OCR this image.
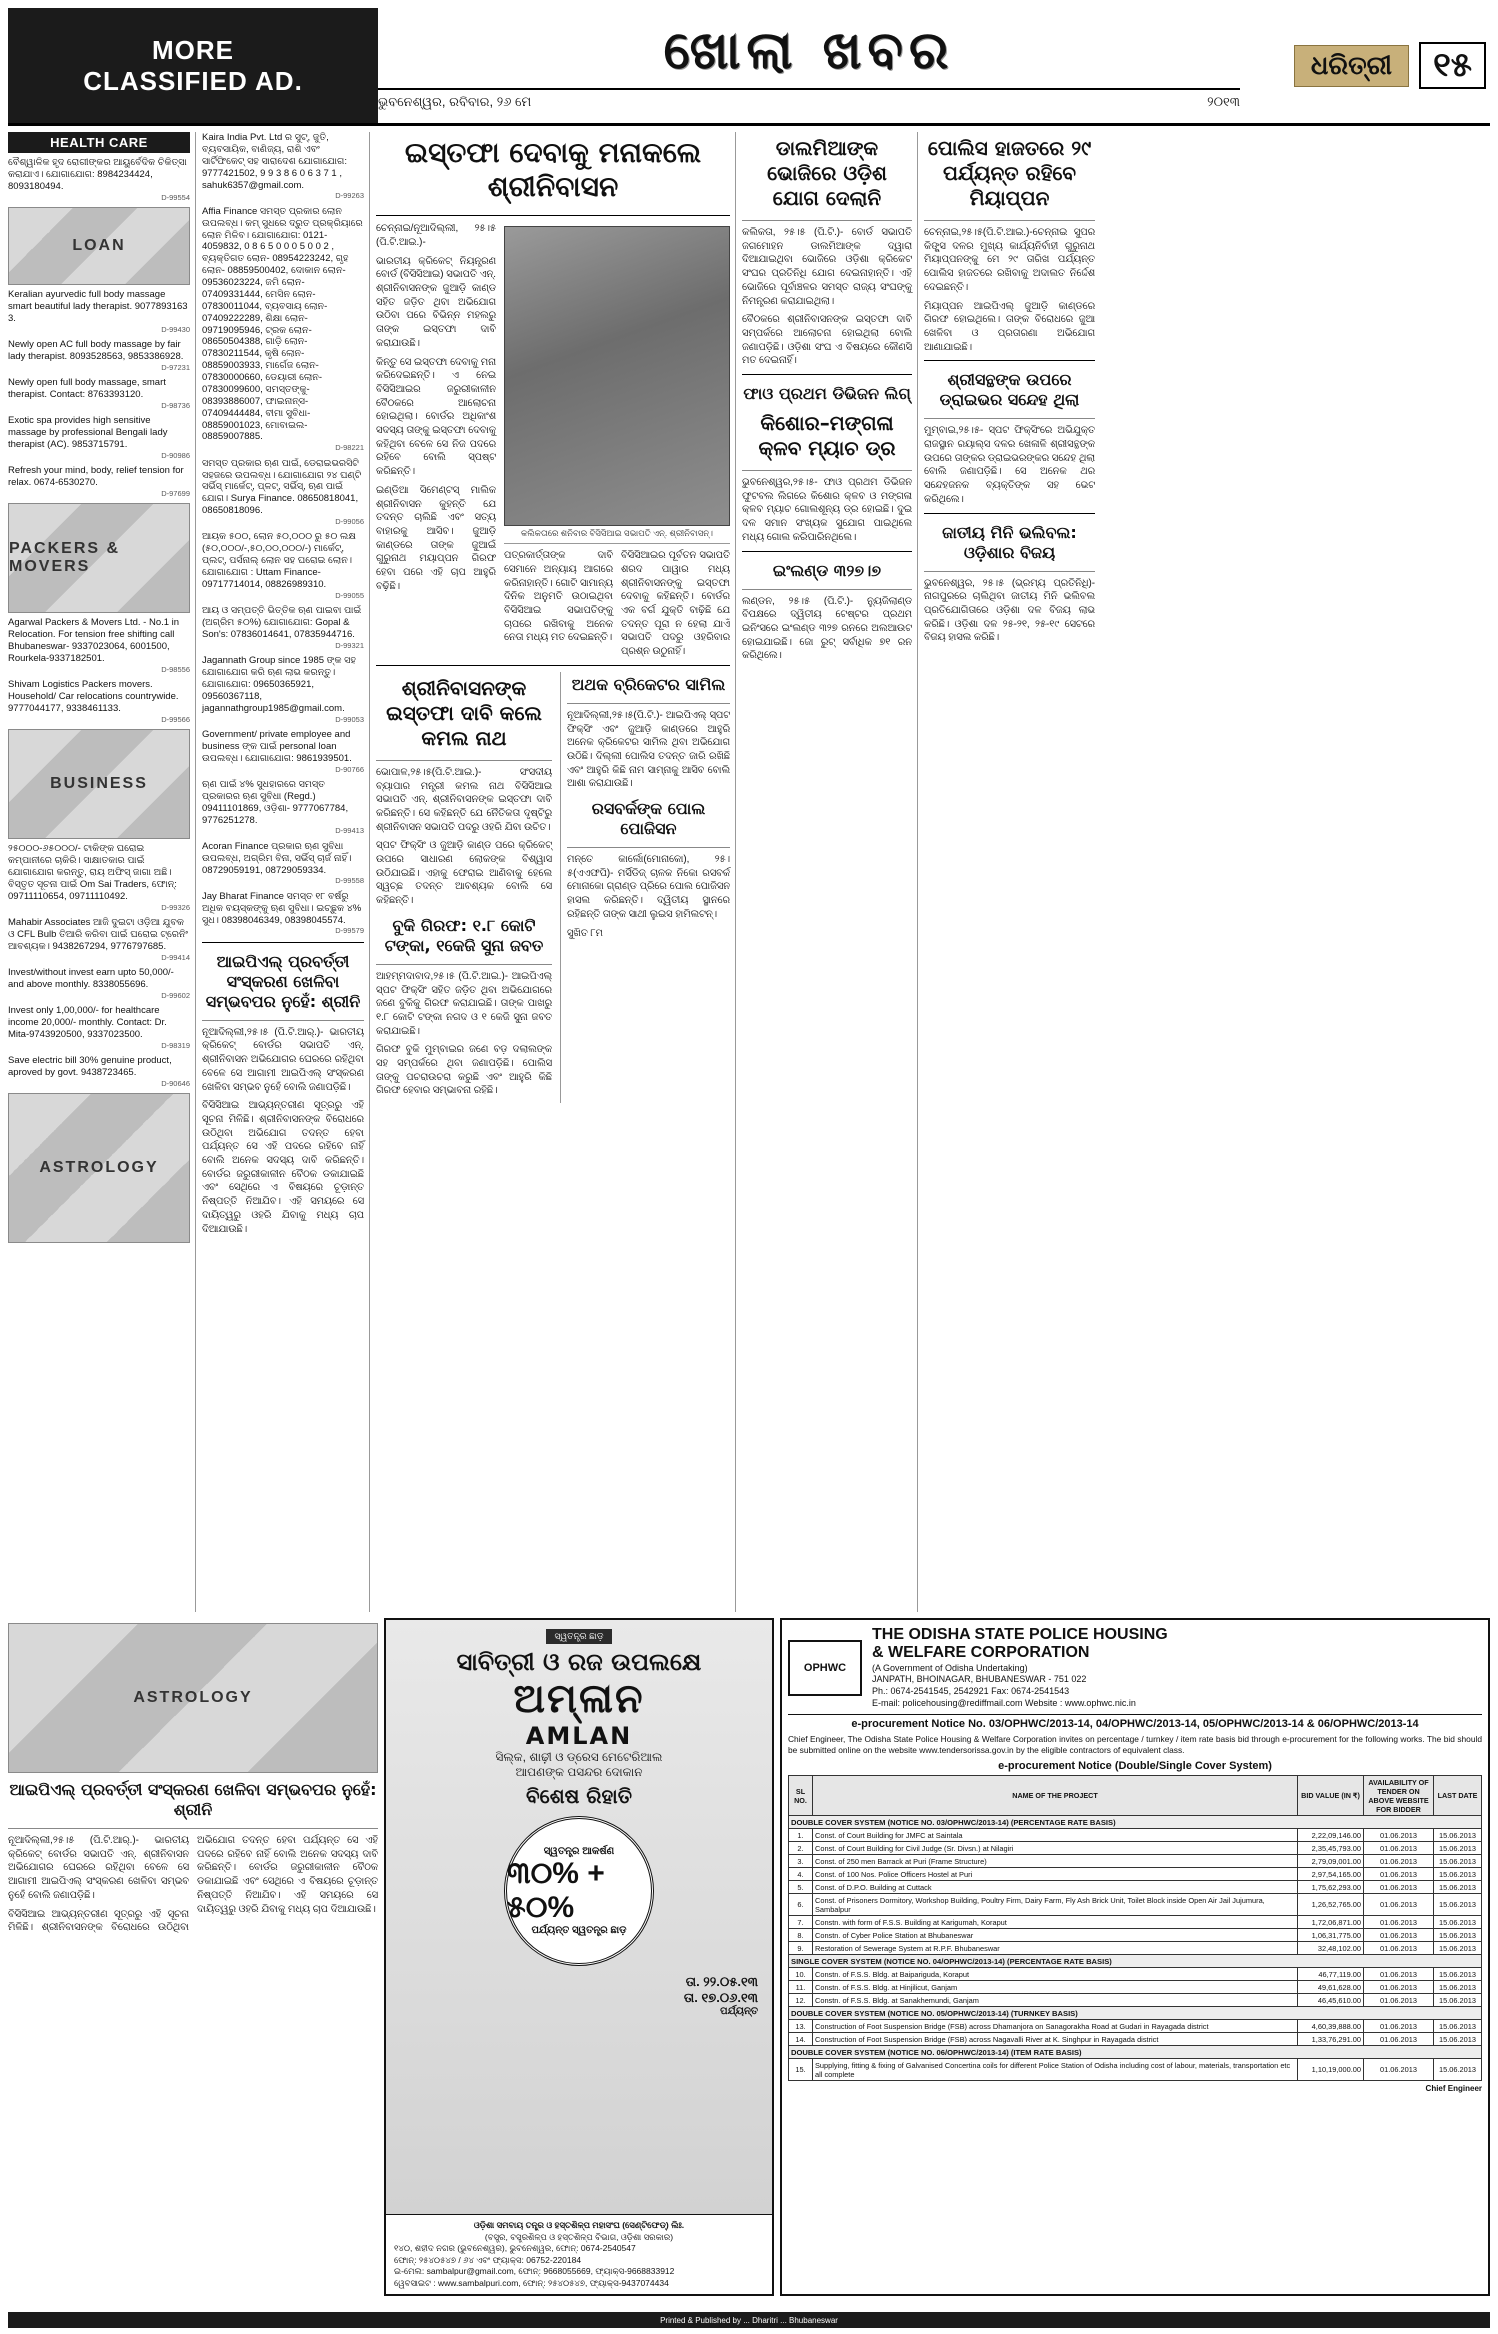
MORE
CLASSIFIED AD.	ଖୋଲା ଖବର
ଭୁବନେଶ୍ୱର, ରବିବାର, ୨୬ ମେ	୨୦୧୩
ଧରିତ୍ରୀ	୧୫
HEALTH CARE
ବୈଶ୍ୱାଳିକ ହୃଦ ରୋଗୀଙ୍କର ଆୟୁର୍ବେଦିକ ଚିକିତ୍ସା କରାଯାଏ। ଯୋଗାଯୋଗ: 8984234424, 8093180494.
D-99554
LOAN
Keralian ayurvedic full body massage smart beautiful lady therapist. 9077893163 3.
D-99430
Newly open AC full body massage by fair lady therapist. 8093528563, 9853386928.
D-97231
Newly open full body massage, smart therapist. Contact: 8763393120.
D-98736
Exotic spa provides high sensitive massage by professional Bengali lady therapist (AC). 9853715791.
D-90986
Refresh your mind, body, relief tension for relax. 0674-6530270.
D-97699
PACKERS & MOVERS
Agarwal Packers & Movers Ltd. - No.1 in Relocation. For tension free shifting call Bhubaneswar- 9337023064, 6001500, Rourkela-9337182501.
D-98556
Shivam Logistics Packers movers. Household/ Car relocations countrywide. 9777044177, 9338461133.
D-99566
BUSINESS
୨୫୦୦୦-୬୫୦୦୦/- ଟାକିଙ୍କ ଘରୋଇ କମ୍ପାନୀରେ ଚାକିରି। ସାକ୍ଷାତକାର ପାଇଁ ଯୋଗାଯୋଗ କରନ୍ତୁ, ରାୟ ଅଫିସ୍ ଜାଗା ଅଛି। ବିସ୍ତୃତ ସୂଚନା ପାଇଁ Om Sai Traders, ଫୋନ୍: 09711110654, 09711110492.
D-99326
Mahabir Associates ଆଜି ଦୁଇଟା ଓଡ଼ିଆ ଯୁବକ ଓ CFL Bulb ତିଆରି କରିବା ପାଇଁ ଘରୋଇ ଟ୍ରେନିଂ ଆବଶ୍ୟକ। 9438267294, 9776797685.
D-99414
Invest/without invest earn upto 50,000/- and above monthly. 8338055696.
D-99602
Invest only 1,00,000/- for healthcare income 20,000/- monthly. Contact: Dr. Mita-9743920500, 9337023500.
D-98319
Save electric bill 30% genuine product, aproved by govt. 9438723465.
D-90646
ASTROLOGY
Kaira India Pvt. Ltd ର ସୁଟ୍, ଜୁତି, ବ୍ୟବସାୟିକ, ବାଣିଜ୍ୟ, ରାଶି ଏବଂ ସାର୍ଟିଫିକେଟ୍ ସହ ସାରାଦେଶ ଯୋଗାଯୋଗ: 9777421502, 9 9 3 8 6 0 6 3 7 1 , sahuk6357@gmail.com.
D-99263
Affia Finance ସମସ୍ତ ପ୍ରକାର ଲୋନ ଉପଲବ୍ଧ। କମ୍ ସୁଧରେ ଦ୍ରୁତ ପ୍ରକ୍ରିୟାରେ ଲୋନ ମିଳିବ। ଯୋଗାଯୋଗ: 0121-4059832, 0 8 6 5 0 0 0 5 0 0 2 , ବ୍ୟକ୍ତିଗତ ଲୋନ- 08954223242, ଗୃହ ଲୋନ- 08859500402, ଦୋକାନ ଲୋନ- 09536023224, ଜମି ଲୋନ- 07409331444, ମେସିନ ଲୋନ- 07830011044, ବ୍ୟବସାୟ ଲୋନ- 07409222289, ଶିକ୍ଷା ଲୋନ- 09719095946, ଟ୍ରକ ଲୋନ- 08650504388, ଗାଡ଼ି ଲୋନ- 07830211544, କୃଷି ଲୋନ- 08859003933, ମାର୍ଗେଜ ଲୋନ- 07830000660, ଡେୟାରୀ ଲୋନ- 07830099600, ସମସ୍ତଙ୍କୁ- 08393886007, ଫାଇନାନ୍ସ- 07409444484, ବୀମା ସୁବିଧା- 08859001023, ମୋବାଇଲ- 08859007885.
D-98221
ସମସ୍ତ ପ୍ରକାର ଋଣ ପାଇଁ, ଡେରାଇଭରସିଟି ସହଜରେ ଉପଲବ୍ଧ। ଯୋଗାଯୋଗ ୨୪ ଘଣ୍ଟି ସର୍ଭିସ୍ ମାର୍କେଟ୍, ପ୍ଳଟ୍, ସର୍ଭିସ୍, ଋଣ ପାଇଁ ଯୋଗ। Surya Finance. 08650818041, 08650818096.
D-99056
ଆୟକ ୫୦୦, ଲୋନ ୫୦,୦୦୦ ରୁ ୫୦ ଲକ୍ଷ (୫୦,୦୦୦/-,୫୦,୦୦,୦୦୦/-) ମାର୍କେଟ୍, ପ୍ଲଟ୍, ପର୍ସନାଲ୍ ଲୋନ ସହ ଘରୋଇ ଲୋନ। ଯୋଗାଯୋଗ : Uttam Finance- 09717714014, 08826989310.
D-99055
ଆୟ ଓ ସମ୍ପତ୍ତି ଭିତ୍ତିକ ଋଣ ପାଇବା ପାଇଁ (ଅଗ୍ରିମ ୫୦%) ଯୋଗାଯୋଗ: Gopal & Son's: 07836014641, 07835944716.
D-99321
Jagannath Group since 1985 ଙ୍କ ସହ ଯୋଗାଯୋଗ କରି ଋଣ ଲାଭ କରନ୍ତୁ। ଯୋଗାଯୋଗ: 09650365921, 09560367118, jagannathgroup1985@gmail.com.
D-99053
Government/ private employee and business ଙ୍କ ପାଇଁ personal loan ଉପଲବ୍ଧ। ଯୋଗାଯୋଗ: 9861939501.
D-90766
ଋଣ ପାଇଁ ୪% ସୁଧହାରରେ ସମସ୍ତ ପ୍ରକାରର ଋଣ ସୁବିଧା (Regd.) 09411101869, ଓଡ଼ିଶା- 9777067784, 9776251278.
D-99413
Acoran Finance ପ୍ରକାର ଋଣ ସୁବିଧା ଉପଲବ୍ଧ, ଅଗ୍ରିମ ବିନା, ସର୍ଭିସ୍ ଚାର୍ଜ ନାହିଁ। 08729059191, 08729059334.
D-99558
Jay Bharat Finance ସମସ୍ତ ୧୮ ବର୍ଷରୁ ଅଧିକ ବୟସ୍କଙ୍କୁ ଋଣ ସୁବିଧା। ଇଚ୍ଛୁକ ୪% ସୁଧ। 08398046349, 08398045574.
D-99579
ଆଇପିଏଲ୍ ପ୍ରବର୍ତ୍ତୀ ସଂସ୍କରଣ ଖେଳିବା ସମ୍ଭବପର ନୁହେଁ: ଶ୍ରୀନି

ନୂଆଦିଲ୍ଲୀ,୨୫।୫ (ପି.ଟି.ଆର୍.)- ଭାରତୀୟ କ୍ରିକେଟ୍ ବୋର୍ଡର ସଭାପତି ଏନ୍. ଶ୍ରୀନିବାସନ ଅଭିଯୋଗର ଘେରରେ ରହିଥିବା ବେଳେ ସେ ଆଗାମୀ ଆଇପିଏଲ୍ ସଂସ୍କରଣ ଖେଳିବା ସମ୍ଭବ ନୁହେଁ ବୋଲି ଜଣାପଡ଼ିଛି।

ବିସିସିଆଇ ଆଭ୍ୟନ୍ତରୀଣ ସୂତ୍ରରୁ ଏହି ସୂଚନା ମିଳିଛି। ଶ୍ରୀନିବାସନଙ୍କ ବିରୋଧରେ ଉଠିଥିବା ଅଭିଯୋଗ ତଦନ୍ତ ହେବା ପର୍ଯ୍ୟନ୍ତ ସେ ଏହି ପଦରେ ରହିବେ ନାହିଁ ବୋଲି ଅନେକ ସଦସ୍ୟ ଦାବି କରିଛନ୍ତି। ବୋର୍ଡର ଜରୁରୀକାଳୀନ ବୈଠକ ଡକାଯାଇଛି ଏବଂ ସେଥିରେ ଏ ବିଷୟରେ ଚୂଡ଼ାନ୍ତ ନିଷ୍ପତ୍ତି ନିଆଯିବ। ଏହି ସମୟରେ ସେ ଦାୟିତ୍ୱରୁ ଓହରି ଯିବାକୁ ମଧ୍ୟ ଚାପ ଦିଆଯାଉଛି।

ଇସ୍ତଫା ଦେବାକୁ ମନାକଲେ ଶ୍ରୀନିବାସନ

ଚେନ୍ନାଇ/ନୂଆଦିଲ୍ଲୀ, ୨୫।୫ (ପି.ଟି.ଆଇ.)-

ଭାରତୀୟ କ୍ରିକେଟ୍ ନିୟନ୍ତ୍ରଣ ବୋର୍ଡ (ବିସିସିଆଇ) ସଭାପତି ଏନ୍. ଶ୍ରୀନିବାସନଙ୍କ ଜୁଆଡ଼ି କାଣ୍ଡ ସହିତ ଜଡ଼ିତ ଥିବା ଅଭିଯୋଗ ଉଠିବା ପରେ ବିଭିନ୍ନ ମହଲରୁ ତାଙ୍କ ଇସ୍ତଫା ଦାବି କରାଯାଉଛି।

କିନ୍ତୁ ସେ ଇସ୍ତଫା ଦେବାକୁ ମନା କରିଦେଇଛନ୍ତି। ଏ ନେଇ ବିସିସିଆଇର ଜରୁରୀକାଳୀନ ବୈଠକରେ ଆଲୋଚନା ହୋଇଥିଲା। ବୋର୍ଡର ଅଧିକାଂଶ ସଦସ୍ୟ ତାଙ୍କୁ ଇସ୍ତଫା ଦେବାକୁ କହିଥିବା ବେଳେ ସେ ନିଜ ପଦରେ ରହିବେ ବୋଲି ସ୍ପଷ୍ଟ କରିଛନ୍ତି।

ଇଣ୍ଡିଆ ସିମେଣ୍ଟସ୍ ମାଲିକ ଶ୍ରୀନିବାସନ କୁହନ୍ତି ଯେ ତଦନ୍ତ ଚାଲିଛି ଏବଂ ସତ୍ୟ ବାହାରକୁ ଆସିବ। ଜୁଆଡ଼ି କାଣ୍ଡରେ ତାଙ୍କ ଜୁଆଇଁ ଗୁରୁନାଥ ମୟାପ୍ପନ ଗିରଫ ହେବା ପରେ ଏହି ଚାପ ଆହୁରି ବଢ଼ିଛି।

କଲିକତାରେ ଶନିବାର ବିସିସିଆଇ ସଭାପତି ଏନ୍. ଶ୍ରୀନିବାସନ୍।

ପତ୍ରକାର୍ତ୍ତାଙ୍କ ଦାବି ସେମାନେ ଅନ୍ୟାୟ ଆଗରେ କରିନାହାନ୍ତି। ଗୋଟି ସାମାନ୍ୟ ଦିନିକ ଅନୁମତି ଉଠାଇଥିବା ବିସିସିଆଇ ସଭାପତିଙ୍କୁ ଚାପରେ ରଖିବାକୁ ଅନେକ ନେତା ମଧ୍ୟ ମତ ଦେଇଛନ୍ତି।

ବିସିସିଆଇର ପୂର୍ବତନ ସଭାପତି ଶରଦ ପାୱାର ମଧ୍ୟ ଶ୍ରୀନିବାସନଙ୍କୁ ଇସ୍ତଫା ଦେବାକୁ କହିଛନ୍ତି। ବୋର୍ଡର ଏକ ବର୍ଗ ଯୁକ୍ତି ବାଢ଼ିଛି ଯେ ତଦନ୍ତ ପୂରା ନ ହେଲା ଯାଏଁ ସଭାପତି ପଦରୁ ଓହରିବାର ପ୍ରଶ୍ନ ଉଠୁନାହିଁ।

ଶ୍ରୀନିବାସନଙ୍କ ଇସ୍ତଫା ଦାବି କଲେ କମଲ ନାଥ

ଭୋପାଳ,୨୫।୫(ପି.ଟି.ଆଇ.)- ସଂସଦୀୟ ବ୍ୟାପାର ମନ୍ତ୍ରୀ କମଲ ନାଥ ବିସିସିଆଇ ସଭାପତି ଏନ୍. ଶ୍ରୀନିବାସନଙ୍କ ଇସ୍ତଫା ଦାବି କରିଛନ୍ତି। ସେ କହିଛନ୍ତି ଯେ ନୈତିକତା ଦୃଷ୍ଟିରୁ ଶ୍ରୀନିବାସନ ସଭାପତି ପଦରୁ ଓହରି ଯିବା ଉଚିତ।

ସ୍ପଟ ଫିକ୍ସିଂ ଓ ଜୁଆଡ଼ି କାଣ୍ଡ ପରେ କ୍ରିକେଟ୍ ଉପରେ ସାଧାରଣ ଲୋକଙ୍କ ବିଶ୍ୱାସ ଉଠିଯାଇଛି। ଏହାକୁ ଫେରାଇ ଆଣିବାକୁ ହେଲେ ସ୍ୱଚ୍ଛ ତଦନ୍ତ ଆବଶ୍ୟକ ବୋଲି ସେ କହିଛନ୍ତି।

ବୁକି ଗିରଫ: ୧.୮ କୋଟି ଟଙ୍କା, ୧କେଜି ସୁନା ଜବତ

ଆହମ୍ମଦାବାଦ,୨୫।୫ (ପି.ଟି.ଆଇ.)- ଆଇପିଏଲ୍ ସ୍ପଟ ଫିକ୍ସିଂ ସହିତ ଜଡ଼ିତ ଥିବା ଅଭିଯୋଗରେ ଜଣେ ବୁକିକୁ ଗିରଫ କରାଯାଇଛି। ତାଙ୍କ ପାଖରୁ ୧.୮ କୋଟି ଟଙ୍କା ନଗଦ ଓ ୧ କେଜି ସୁନା ଜବତ କରାଯାଇଛି।

ଗିରଫ ବୁକି ମୁମ୍ବାଇର ଜଣେ ବଡ଼ ଦଲାଲଙ୍କ ସହ ସମ୍ପର୍କରେ ଥିବା ଜଣାପଡ଼ିଛି। ପୋଲିସ ତାଙ୍କୁ ପଚରାଉଚରା କରୁଛି ଏବଂ ଆହୁରି କିଛି ଗିରଫ ହେବାର ସମ୍ଭାବନା ରହିଛି।

ଅଥକ ବ୍ରିକେଟର ସାମିଲ

ନୂଆଦିଲ୍ଲୀ,୨୫।୫(ପି.ଟି.)- ଆଇପିଏଲ୍ ସ୍ପଟ ଫିକ୍ସିଂ ଏବଂ ଜୁଆଡ଼ି କାଣ୍ଡରେ ଆହୁରି ଅନେକ କ୍ରିକେଟର ସାମିଲ ଥିବା ଅଭିଯୋଗ ଉଠିଛି। ଦିଲ୍ଲୀ ପୋଲିସ ତଦନ୍ତ ଜାରି ରଖିଛି ଏବଂ ଆହୁରି କିଛି ନାମ ସାମ୍ନାକୁ ଆସିବ ବୋଲି ଆଶା କରାଯାଉଛି।

ରସବର୍କଙ୍କ ପୋଲ ପୋଜିସନ

ମନ୍ତେ କାର୍ଲୋ(ମୋନାକୋ), ୨୫।୫(ଏଏଫପି)- ମର୍ସିଡିଜ୍ ଚାଳକ ନିକୋ ରସବର୍କ ମୋନାକୋ ଗ୍ରାଣ୍ଡ ପ୍ରିରେ ପୋଲ ପୋଜିସନ ହାସଲ କରିଛନ୍ତି। ଦ୍ୱିତୀୟ ସ୍ଥାନରେ ରହିଛନ୍ତି ତାଙ୍କ ସାଥୀ ଲୁଇସ ହାମିଲଟନ୍।

ସୁଖିତ ୮ମ

ଡାଲମିଆଙ୍କ ଭୋଜିରେ ଓଡ଼ିଶ ଯୋଗ ଦେଲାନି

କଲିକତା, ୨୫।୫ (ପି.ଟି.)- ବୋର୍ଡ ସଭାପତି ଜଗମୋହନ ଡାଲମିଆଙ୍କ ଦ୍ୱାରା ଦିଆଯାଇଥିବା ଭୋଜିରେ ଓଡ଼ିଶା କ୍ରିକେଟ ସଂଘର ପ୍ରତିନିଧି ଯୋଗ ଦେଇନାହାନ୍ତି। ଏହି ଭୋଜିରେ ପୂର୍ବାଞ୍ଚଳର ସମସ୍ତ ରାଜ୍ୟ ସଂଘଙ୍କୁ ନିମନ୍ତ୍ରଣ କରାଯାଇଥିଲା।

ବୈଠକରେ ଶ୍ରୀନିବାସନଙ୍କ ଇସ୍ତଫା ଦାବି ସମ୍ପର୍କରେ ଆଲୋଚନା ହୋଇଥିଲା ବୋଲି ଜଣାପଡ଼ିଛି। ଓଡ଼ିଶା ସଂଘ ଏ ବିଷୟରେ କୌଣସି ମତ ଦେଇନାହିଁ।

ଫାଓ ପ୍ରଥମ ଡିଭିଜନ ଲିଗ୍
କିଶୋର–ମଙ୍ଗଳା କ୍ଳବ ମ୍ୟାଚ ଡ୍ର

ଭୁବନେଶ୍ୱର,୨୫।୫- ଫାଓ ପ୍ରଥମ ଡିଭିଜନ ଫୁଟବଲ ଲିଗରେ କିଶୋର କ୍ଳବ ଓ ମଙ୍ଗଳା କ୍ଳବ ମ୍ୟାଚ ଗୋଲଶୂନ୍ୟ ଡ୍ର ହୋଇଛି। ଦୁଇ ଦଳ ସମାନ ସଂଖ୍ୟକ ସୁଯୋଗ ପାଇଥିଲେ ମଧ୍ୟ ଗୋଲ କରିପାରିନଥିଲେ।

ଇଂଲଣ୍ଡ ୩୨୭।୭

ଲଣ୍ଡନ, ୨୫।୫ (ପି.ଟି.)- ନ୍ୟୁଜିଲାଣ୍ଡ ବିପକ୍ଷରେ ଦ୍ୱିତୀୟ ଟେଷ୍ଟର ପ୍ରଥମ ଇନିଂସରେ ଇଂଲଣ୍ଡ ୩୨୭ ରନରେ ଅଲଆଉଟ ହୋଇଯାଇଛି। ଜୋ ରୁଟ୍ ସର୍ବାଧିକ ୭୧ ରନ କରିଥିଲେ।

ପୋଲିସ ହାଜତରେ ୨୯ ପର୍ଯ୍ୟନ୍ତ ରହିବେ ମିୟାପ୍ପନ

ଚେନ୍ନାଇ,୨୫।୫(ପି.ଟି.ଆଇ.)-ଚେନ୍ନାଇ ସୁପର କିଙ୍ଗ୍ସ ଦଳର ମୁଖ୍ୟ କାର୍ଯ୍ୟନିର୍ବାହୀ ଗୁରୁନାଥ ମିୟାପ୍ପନଙ୍କୁ ମେ ୨୯ ତାରିଖ ପର୍ଯ୍ୟନ୍ତ ପୋଲିସ ହାଜତରେ ରଖିବାକୁ ଅଦାଲତ ନିର୍ଦ୍ଦେଶ ଦେଇଛନ୍ତି।

ମିୟାପ୍ପନ ଆଇପିଏଲ୍ ଜୁଆଡ଼ି କାଣ୍ଡରେ ଗିରଫ ହୋଇଥିଲେ। ତାଙ୍କ ବିରୋଧରେ ଜୁଆ ଖେଳିବା ଓ ପ୍ରତାରଣା ଅଭିଯୋଗ ଆଣାଯାଇଛି।

ଶ୍ରୀସନ୍ଥଙ୍କ ଉପରେ ଡ୍ରାଇଭର ସନ୍ଦେହ ଥିଲା

ମୁମ୍ବାଇ,୨୫।୫- ସ୍ପଟ ଫିକ୍ସିଂରେ ଅଭିଯୁକ୍ତ ରାଜସ୍ଥାନ ରୟାଲ୍ସ ଦଳର ଖେଳାଳି ଶ୍ରୀସନ୍ଥଙ୍କ ଉପରେ ତାଙ୍କର ଡ୍ରାଇଭରଙ୍କର ସନ୍ଦେହ ଥିଲା ବୋଲି ଜଣାପଡ଼ିଛି। ସେ ଅନେକ ଥର ସନ୍ଦେହଜନକ ବ୍ୟକ୍ତିଙ୍କ ସହ ଭେଟ କରିଥିଲେ।

ଜାତୀୟ ମିନି ଭଲିବଲ: ଓଡ଼ିଶାର ବିଜୟ

ଭୁବନେଶ୍ୱର, ୨୫।୫ (ଭ୍ରମ୍ୟ ପ୍ରତିନିଧି)-ନାଗପୁରରେ ଚାଲିଥିବା ଜାତୀୟ ମିନି ଭଲିବଲ ପ୍ରତିଯୋଗିତାରେ ଓଡ଼ିଶା ଦଳ ବିଜୟ ଲାଭ କରିଛି। ଓଡ଼ିଶା ଦଳ ୨୫-୨୧, ୨୫-୧୯ ସେଟରେ ବିଜୟ ହାସଲ କରିଛି।

ASTROLOGY
ଆଇପିଏଲ୍ ପ୍ରବର୍ତ୍ତୀ ସଂସ୍କରଣ ଖେଳିବା ସମ୍ଭବପର ନୁହେଁ: ଶ୍ରୀନି

ନୂଆଦିଲ୍ଲୀ,୨୫।୫ (ପି.ଟି.ଆର୍.)- ଭାରତୀୟ କ୍ରିକେଟ୍ ବୋର୍ଡର ସଭାପତି ଏନ୍. ଶ୍ରୀନିବାସନ ଅଭିଯୋଗର ଘେରରେ ରହିଥିବା ବେଳେ ସେ ଆଗାମୀ ଆଇପିଏଲ୍ ସଂସ୍କରଣ ଖେଳିବା ସମ୍ଭବ ନୁହେଁ ବୋଲି ଜଣାପଡ଼ିଛି।

ବିସିସିଆଇ ଆଭ୍ୟନ୍ତରୀଣ ସୂତ୍ରରୁ ଏହି ସୂଚନା ମିଳିଛି। ଶ୍ରୀନିବାସନଙ୍କ ବିରୋଧରେ ଉଠିଥିବା ଅଭିଯୋଗ ତଦନ୍ତ ହେବା ପର୍ଯ୍ୟନ୍ତ ସେ ଏହି ପଦରେ ରହିବେ ନାହିଁ ବୋଲି ଅନେକ ସଦସ୍ୟ ଦାବି କରିଛନ୍ତି। ବୋର୍ଡର ଜରୁରୀକାଳୀନ ବୈଠକ ଡକାଯାଇଛି ଏବଂ ସେଥିରେ ଏ ବିଷୟରେ ଚୂଡ଼ାନ୍ତ ନିଷ୍ପତ୍ତି ନିଆଯିବ। ଏହି ସମୟରେ ସେ ଦାୟିତ୍ୱରୁ ଓହରି ଯିବାକୁ ମଧ୍ୟ ଚାପ ଦିଆଯାଉଛି।

ସ୍ୱତନ୍ତ୍ର ଛାଡ଼
ସାବିତ୍ରୀ ଓ ରଜ ଉପଲକ୍ଷେ
ଅମ୍ଳାନ
AMLAN
ସିଲ୍କ, ଶାଢ଼ୀ ଓ ଡ୍ରେସ ମେଟେରିଆଲ
ଆପଣଙ୍କ ପସନ୍ଦର ଦୋକାନ
ବିଶେଷ ରିହାତି
ସ୍ୱତନ୍ତ୍ର ଆକର୍ଷଣ
୩୦% + ୫୦%
ପର୍ଯ୍ୟନ୍ତ ସ୍ୱତନ୍ତ୍ର ଛାଡ଼
ତା. ୨୨.୦୫.୧୩
ତା. ୧୭.୦୬.୧୩
ପର୍ଯ୍ୟନ୍ତ
ଓଡ଼ିଶା ସମବାୟ ତନ୍ତ୍ର ଓ ହସ୍ତଶିଳ୍ପ ମହାସଂଘ (ସେଣ୍ଟିଫେଡ୍) ଲିଃ.
(ବସ୍ତ୍ର, ବସ୍ତ୍ରଶିଳ୍ପ ଓ ହସ୍ତଶିଳ୍ପ ବିଭାଗ, ଓଡ଼ିଶା ସରକାର)
୧୪୦, ଶହୀଦ ନଗର (ଭୁବନେଶ୍ୱର), ଭୁବନେଶ୍ୱର, ଫୋନ୍: 0674-2540547
ଫୋନ୍: ୨୫୪୦୫୪୭ / ୬୪ ଏବଂ ଫ୍ୟାକ୍ସ: 06752-220184
ଇ-ମେଲ: sambalpur@gmail.com, ଫୋନ୍: 9668055669, ଫ୍ୟାକ୍ସ-9668833912
ୱେବସାଇଟ : www.sambalpuri.com, ଫୋନ୍: ୨୫୪୦୫୪୭, ଫ୍ୟାକ୍ସ-9437074434
OPHWC
THE ODISHA STATE POLICE HOUSING
& WELFARE CORPORATION
(A Government of Odisha Undertaking)
JANPATH, BHOINAGAR, BHUBANESWAR - 751 022
Ph.: 0674-2541545, 2542921 Fax: 0674-2541543
E-mail: policehousing@rediffmail.com Website : www.ophwc.nic.in
e-procurement Notice No. 03/OPHWC/2013-14, 04/OPHWC/2013-14, 05/OPHWC/2013-14 & 06/OPHWC/2013-14
Chief Engineer, The Odisha State Police Housing & Welfare Corporation invites on percentage / turnkey / item rate basis bid through e-procurement for the following works. The bid should be submitted online on the website www.tendersorissa.gov.in by the eligible contractors of equivalent class.
e-procurement Notice (Double/Single Cover System)
SL NO.	NAME OF THE PROJECT	BID VALUE (IN ₹)	AVAILABILITY OF TENDER ON ABOVE WEBSITE FOR BIDDER	LAST DATE
DOUBLE COVER SYSTEM (NOTICE NO. 03/OPHWC/2013-14) (PERCENTAGE RATE BASIS)				
1.	Const. of Court Building for JMFC at Saintala	2,22,09,146.00	01.06.2013	15.06.2013
2.	Const. of Court Building for Civil Judge (Sr. Divsn.) at Nilagiri	2,35,45,793.00	01.06.2013	15.06.2013
3.	Const. of 250 men Barrack at Puri (Frame Structure)	2,79,09,001.00	01.06.2013	15.06.2013
4.	Const. of 100 Nos. Police Officers Hostel at Puri	2,97,54,165.00	01.06.2013	15.06.2013
5.	Const. of D.P.O. Building at Cuttack	1,75,62,293.00	01.06.2013	15.06.2013
6.	Const. of Prisoners Dormitory, Workshop Building, Poultry Firm, Dairy Farm, Fly Ash Brick Unit, Toilet Block inside Open Air Jail Jujumura, Sambalpur	1,26,52,765.00	01.06.2013	15.06.2013
7.	Constn. with form of F.S.S. Building at Karigumah, Koraput	1,72,06,871.00	01.06.2013	15.06.2013
8.	Constn. of Cyber Police Station at Bhubaneswar	1,06,31,775.00	01.06.2013	15.06.2013
9.	Restoration of Sewerage System at R.P.F. Bhubaneswar	32,48,102.00	01.06.2013	15.06.2013
SINGLE COVER SYSTEM (NOTICE NO. 04/OPHWC/2013-14) (PERCENTAGE RATE BASIS)				
10.	Constn. of F.S.S. Bldg. at Baipariguda, Koraput	46,77,119.00	01.06.2013	15.06.2013
11.	Constn. of F.S.S. Bldg. at Hinjilicut, Ganjam	49,61,628.00	01.06.2013	15.06.2013
12.	Constn. of F.S.S. Bldg. at Sanakhemundi, Ganjam	46,45,610.00	01.06.2013	15.06.2013
DOUBLE COVER SYSTEM (NOTICE NO. 05/OPHWC/2013-14) (TURNKEY BASIS)				
13.	Construction of Foot Suspension Bridge (FSB) across Dhamanjora on Sanagorakha Road at Gudari in Rayagada district	4,60,39,888.00	01.06.2013	15.06.2013
14.	Construction of Foot Suspension Bridge (FSB) across Nagavalli River at K. Singhpur in Rayagada district	1,33,76,291.00	01.06.2013	15.06.2013
DOUBLE COVER SYSTEM (NOTICE NO. 06/OPHWC/2013-14) (ITEM RATE BASIS)				
15.	Supplying, fitting & fixing of Galvanised Concertina coils for different Police Station of Odisha including cost of labour, materials, transportation etc all complete	1,10,19,000.00	01.06.2013	15.06.2013
Chief Engineer
Printed & Published by ... Dharitri ... Bhubaneswar
